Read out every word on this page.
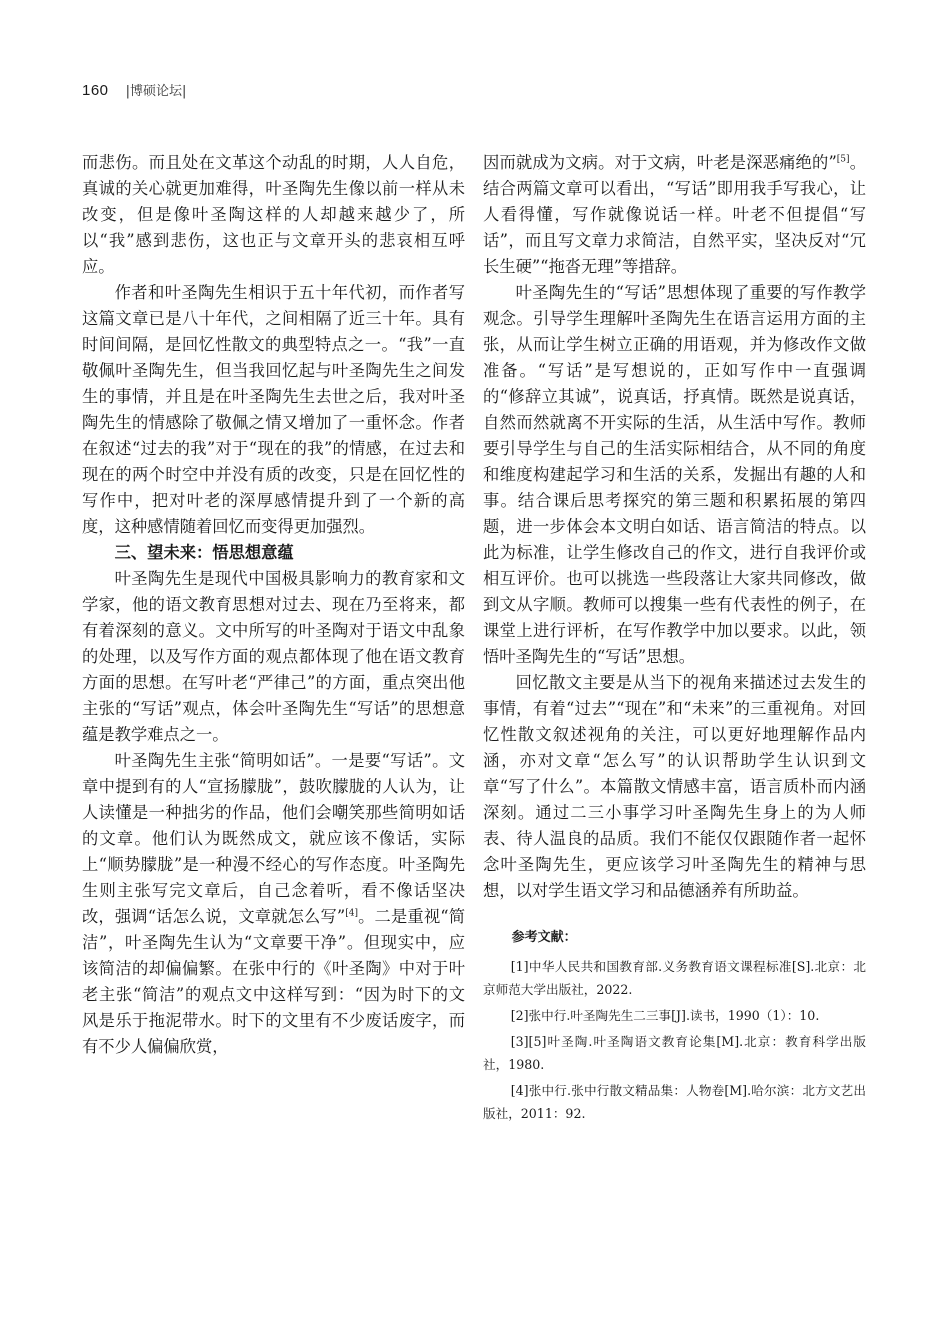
160 |博硕论坛|

而悲伤。而且处在文革这个动乱的时期，人人自危，真诚的关心就更加难得，叶圣陶先生像以前一样从未改变，但是像叶圣陶这样的人却越来越少了，所以“我”感到悲伤，这也正与文章开头的悲哀相互呼应。

作者和叶圣陶先生相识于五十年代初，而作者写这篇文章已是八十年代，之间相隔了近三十年。具有时间间隔，是回忆性散文的典型特点之一。“我”一直敬佩叶圣陶先生，但当我回忆起与叶圣陶先生之间发生的事情，并且是在叶圣陶先生去世之后，我对叶圣陶先生的情感除了敬佩之情又增加了一重怀念。作者在叙述“过去的我”对于“现在的我”的情感，在过去和现在的两个时空中并没有质的改变，只是在回忆性的写作中，把对叶老的深厚感情提升到了一个新的高度，这种感情随着回忆而变得更加强烈。

三、望未来：悟思想意蕴

叶圣陶先生是现代中国极具影响力的教育家和文学家，他的语文教育思想对过去、现在乃至将来，都有着深刻的意义。文中所写的叶圣陶对于语文中乱象的处理，以及写作方面的观点都体现了他在语文教育方面的思想。在写叶老“严律己”的方面，重点突出他主张的“写话”观点，体会叶圣陶先生“写话”的思想意蕴是教学难点之一。

叶圣陶先生主张“简明如话”。一是要“写话”。文章中提到有的人“宣扬朦胧”，鼓吹朦胧的人认为，让人读懂是一种拙劣的作品，他们会嘲笑那些简明如话的文章。他们认为既然成文，就应该不像话，实际上“顺势朦胧”是一种漫不经心的写作态度。叶圣陶先生则主张写完文章后，自己念着听，看不像话坚决改，强调“话怎么说，文章就怎么写”[4]。二是重视“简洁”，叶圣陶先生认为“文章要干净”。但现实中，应该简洁的却偏偏繁。在张中行的《叶圣陶》中对于叶老主张“简洁”的观点文中这样写到：“因为时下的文风是乐于拖泥带水。时下的文里有不少废话废字，而有不少人偏偏欣赏，

因而就成为文病。对于文病，叶老是深恶痛绝的”[5]。结合两篇文章可以看出，“写话”即用我手写我心，让人看得懂，写作就像说话一样。叶老不但提倡“写话”，而且写文章力求简洁，自然平实，坚决反对“冗长生硬”“拖沓无理”等措辞。

叶圣陶先生的“写话”思想体现了重要的写作教学观念。引导学生理解叶圣陶先生在语言运用方面的主张，从而让学生树立正确的用语观，并为修改作文做准备。“写话”是写想说的，正如写作中一直强调的“修辞立其诚”，说真话，抒真情。既然是说真话，自然而然就离不开实际的生活，从生活中写作。教师要引导学生与自己的生活实际相结合，从不同的角度和维度构建起学习和生活的关系，发掘出有趣的人和事。结合课后思考探究的第三题和积累拓展的第四题，进一步体会本文明白如话、语言简洁的特点。以此为标准，让学生修改自己的作文，进行自我评价或相互评价。也可以挑选一些段落让大家共同修改，做到文从字顺。教师可以搜集一些有代表性的例子，在课堂上进行评析，在写作教学中加以要求。以此，领悟叶圣陶先生的“写话”思想。

回忆散文主要是从当下的视角来描述过去发生的事情，有着“过去”“现在”和“未来”的三重视角。对回忆性散文叙述视角的关注，可以更好地理解作品内涵，亦对文章“怎么写”的认识帮助学生认识到文章“写了什么”。本篇散文情感丰富，语言质朴而内涵深刻。通过二三小事学习叶圣陶先生身上的为人师表、待人温良的品质。我们不能仅仅跟随作者一起怀念叶圣陶先生，更应该学习叶圣陶先生的精神与思想，以对学生语文学习和品德涵养有所助益。

参考文献：

[1]中华人民共和国教育部.义务教育语文课程标准[S].北京：北京师范大学出版社，2022.

[2]张中行.叶圣陶先生二三事[J].读书，1990（1）：10.

[3][5]叶圣陶.叶圣陶语文教育论集[M].北京：教育科学出版社，1980.

[4]张中行.张中行散文精品集：人物卷[M].哈尔滨：北方文艺出版社，2011：92.
